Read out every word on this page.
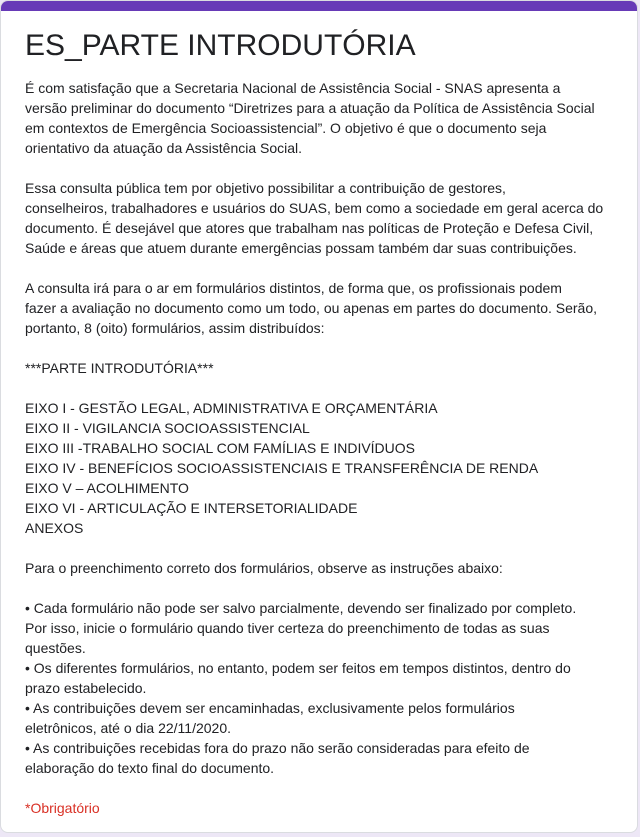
ES_PARTE INTRODUTÓRIA

É com satisfação que a Secretaria Nacional de Assistência Social - SNAS apresenta a

versão preliminar do documento “Diretrizes para a atuação da Política de Assistência Social

em contextos de Emergência Socioassistencial”. O objetivo é que o documento seja

orientativo da atuação da Assistência Social.

Essa consulta pública tem por objetivo possibilitar a contribuição de gestores,

conselheiros, trabalhadores e usuários do SUAS, bem como a sociedade em geral acerca do

documento. É desejável que atores que trabalham nas políticas de Proteção e Defesa Civil,

Saúde e áreas que atuem durante emergências possam também dar suas contribuições.

A consulta irá para o ar em formulários distintos, de forma que, os profissionais podem

fazer a avaliação no documento como um todo, ou apenas em partes do documento. Serão,

portanto, 8 (oito) formulários, assim distribuídos:

***PARTE INTRODUTÓRIA***

EIXO I - GESTÃO LEGAL, ADMINISTRATIVA E ORÇAMENTÁRIA

EIXO II - VIGILANCIA SOCIOASSISTENCIAL

EIXO III -TRABALHO SOCIAL COM FAMÍLIAS E INDIVÍDUOS

EIXO IV - BENEFÍCIOS SOCIOASSISTENCIAIS E TRANSFERÊNCIA DE RENDA

EIXO V – ACOLHIMENTO

EIXO VI - ARTICULAÇÃO E INTERSETORIALIDADE

ANEXOS

Para o preenchimento correto dos formulários, observe as instruções abaixo:

• Cada formulário não pode ser salvo parcialmente, devendo ser finalizado por completo.

Por isso, inicie o formulário quando tiver certeza do preenchimento de todas as suas

questões.

• Os diferentes formulários, no entanto, podem ser feitos em tempos distintos, dentro do

prazo estabelecido.

• As contribuições devem ser encaminhadas, exclusivamente pelos formulários

eletrônicos, até o dia 22/11/2020.

• As contribuições recebidas fora do prazo não serão consideradas para efeito de

elaboração do texto final do documento.

*Obrigatório
